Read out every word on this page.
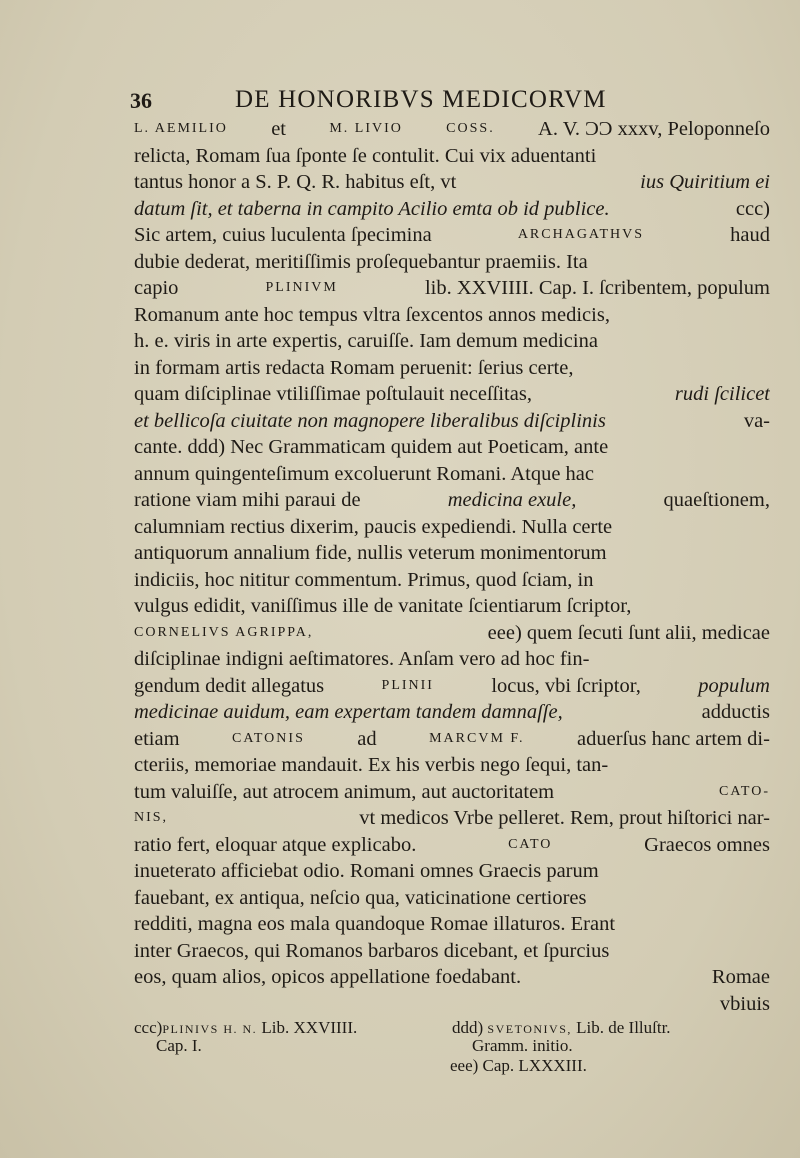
36	DE HONORIBVS MEDICORVM
L. AEMILIO et	M. LIVIO	COSS. A. V. ϽϽ xxxv, Peloponneſo
relicta, Romam ſua ſponte ſe contulit. Cui vix aduentanti
tantus honor a S. P. Q. R. habitus eſt, vt	ius Quiritium ei
datum ſit, et taberna in campito Acilio emta ob id publice.	ccc)
Sic artem, cuius luculenta ſpecimina	ARCHAGATHVS	haud
dubie dederat, meritiſſimis proſequebantur praemiis. Ita
capio	PLINIVM	lib. XXVIIII. Cap. I. ſcribentem, populum
Romanum ante hoc tempus vltra ſexcentos annos medicis,
h. e. viris in arte expertis, caruiſſe. Iam demum medicina
in formam artis redacta Romam peruenit: ſerius certe,
quam diſciplinae vtiliſſimae poſtulauit neceſſitas,	rudi ſcilicet
et bellicoſa ciuitate non magnopere liberalibus diſciplinis	va-
cante. ddd) Nec Grammaticam quidem aut Poeticam, ante
annum quingenteſimum excoluerunt Romani. Atque hac
ratione viam mihi paraui de	medicina exule,	quaeſtionem,
calumniam rectius dixerim, paucis expediendi. Nulla certe
antiquorum annalium fide, nullis veterum monimentorum
indiciis, hoc nititur commentum. Primus, quod ſciam, in
vulgus edidit, vaniſſimus ille de vanitate ſcientiarum ſcriptor,
CORNELIVS AGRIPPA,	eee) quem ſecuti ſunt alii, medicae
diſciplinae indigni aeſtimatores. Anſam vero ad hoc fin-
gendum dedit allegatus	PLINII	locus, vbi ſcriptor,	populum
medicinae auidum, eam expertam tandem damnaſſe,	adductis
etiam	CATONIS	ad	MARCVM F.	aduerſus hanc artem di-
cteriis, memoriae mandauit. Ex his verbis nego ſequi, tan-
tum valuiſſe, aut atrocem animum, aut auctoritatem	CATO-
NIS,	vt medicos Vrbe pelleret. Rem, prout hiſtorici nar-
ratio fert, eloquar atque explicabo.	CATO	Graecos omnes
inueterato afficiebat odio. Romani omnes Graecis parum
fauebant, ex antiqua, neſcio qua, vaticinatione certiores
redditi, magna eos mala quandoque Romae illaturos. Erant
inter Graecos, qui Romanos barbaros dicebant, et ſpurcius
eos, quam alios, opicos appellatione foedabant.	Romae
vbiuis
ccc)PLINIVS H. N. Lib. XXVIIII.
Cap. I.
ddd) SVETONIVS, Lib. de Illuſtr.
Gramm. initio.
eee) Cap. LXXXIII.
